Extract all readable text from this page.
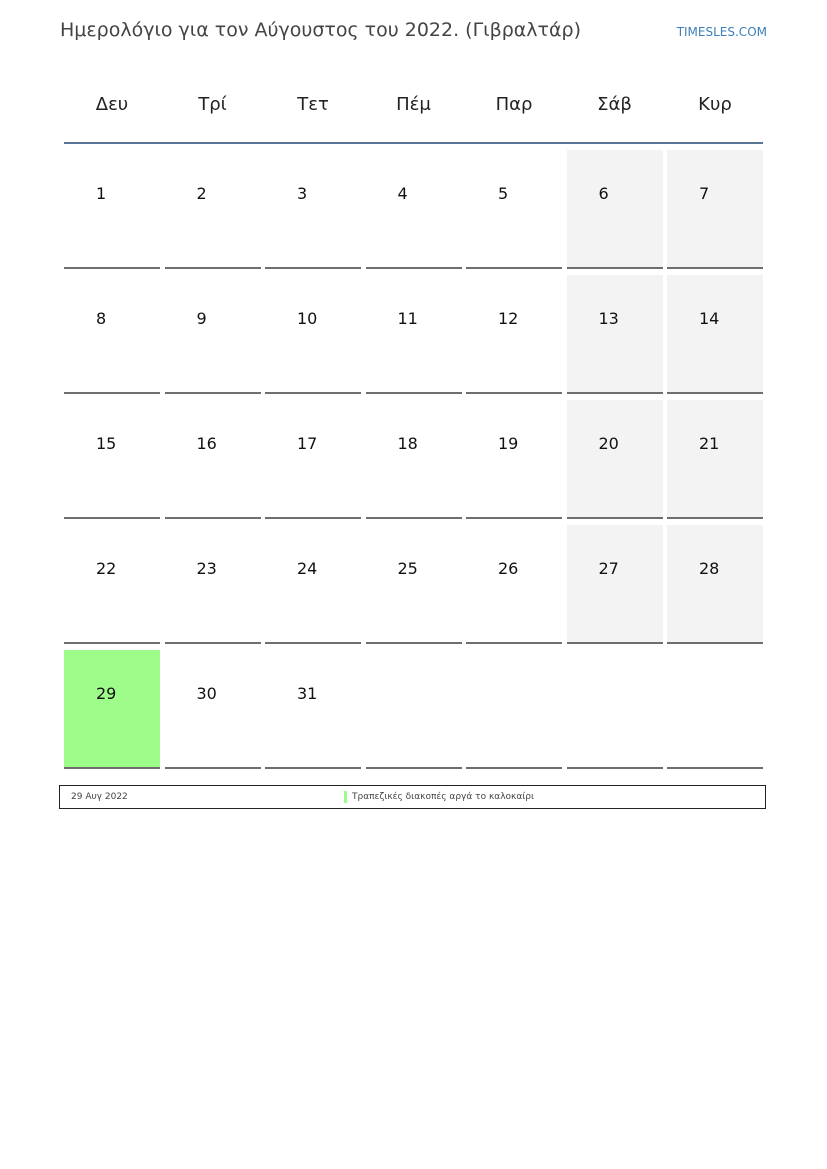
Ημερολόγιο για τον Αύγουστος του 2022. (Γιβραλτάρ)	TIMESLES.COM
Δευ	Τρί	Τετ	Πέμ	Παρ	Σάβ	Κυρ
1	2	3	4	5	6	7
8	9	10	11	12	13	14
15	16	17	18	19	20	21
22	23	24	25	26	27	28
29	30	31
29 Αυγ 2022	Τραπεζικές διακοπές αργά το καλοκαίρι
